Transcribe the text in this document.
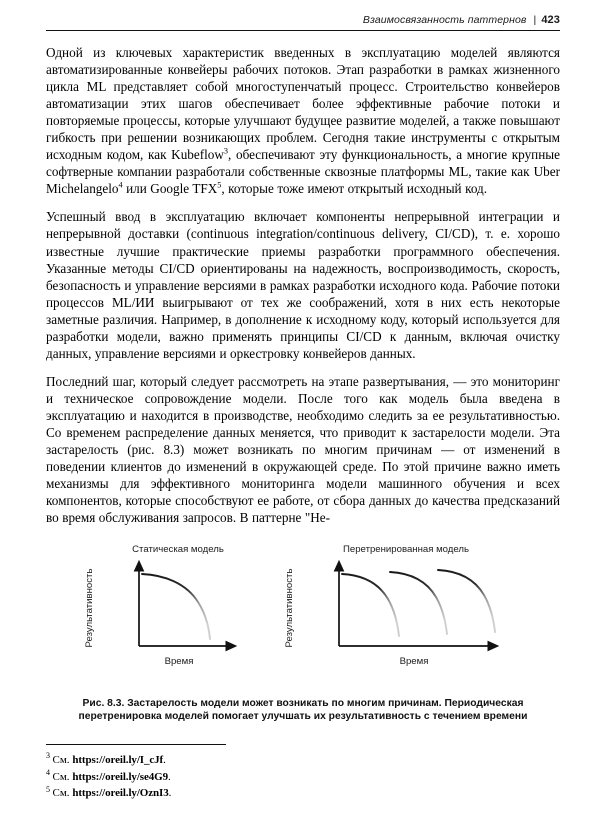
Взаимосвязанность паттернов | 423

Одной из ключевых характеристик введенных в эксплуатацию моделей являются автоматизированные конвейеры рабочих потоков. Этап разработки в рамках жизненного цикла ML представляет собой многоступенчатый процесс. Строительство конвейеров автоматизации этих шагов обеспечивает более эффективные рабочие потоки и повторяемые процессы, которые улучшают будущее развитие моделей, а также повышают гибкость при решении возникающих проблем. Сегодня такие инструменты с открытым исходным кодом, как Kubeflow$^3$, обеспечивают эту функциональность, а многие крупные софтверные компании разработали собственные сквозные платформы ML, такие как Uber Michelangelo$^4$ или Google TFX$^5$, которые тоже имеют открытый исходный код.

Успешный ввод в эксплуатацию включает компоненты непрерывной интеграции и непрерывной доставки (continuous integration/continuous delivery, CI/CD), т. е. хорошо известные лучшие практические приемы разработки программного обеспечения. Указанные методы CI/CD ориентированы на надежность, воспроизводимость, скорость, безопасность и управление версиями в рамках разработки исходного кода. Рабочие потоки процессов ML/ИИ выигрывают от тех же соображений, хотя в них есть некоторые заметные различия. Например, в дополнение к исходному коду, который используется для разработки модели, важно применять принципы CI/CD к данным, включая очистку данных, управление версиями и оркестровку конвейеров данных.

Последний шаг, который следует рассмотреть на этапе развертывания, — это мониторинг и техническое сопровождение модели. После того как модель была введена в эксплуатацию и находится в производстве, необходимо следить за ее результативностью. Со временем распределение данных меняется, что приводит к застарелости модели. Эта застарелость (рис. 8.3) может возникать по многим причинам — от изменений в поведении клиентов до изменений в окружающей среде. По этой причине важно иметь механизмы для эффективного мониторинга модели машинного обучения и всех компонентов, которые способствуют ее работе, от сбора данных до качества предсказаний во время обслуживания запросов. В паттерне "Не-

Статическая модель
Результативность
Время
Перетренированная модель
Результативность
Время
Рис. 8.3. Застарелость модели может возникать по многим причинам. Периодическая перетренировка моделей помогает улучшать их результативность с течением времени
$^3$ См. https://oreil.ly/I_cJf.
$^4$ См. https://oreil.ly/se4G9.
$^5$ См. https://oreil.ly/OznI3.
